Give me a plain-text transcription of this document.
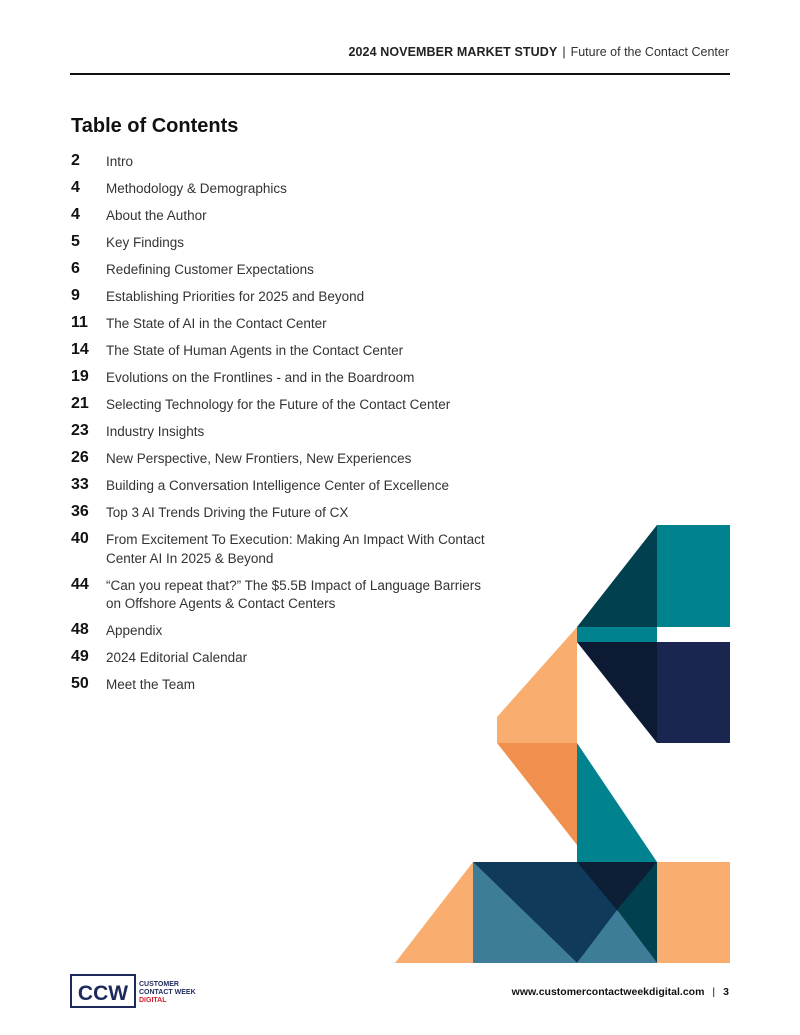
2024 NOVEMBER MARKET STUDY | Future of the Contact Center
Table of Contents
2	Intro
4	Methodology & Demographics
4	About the Author
5	Key Findings
6	Redefining Customer Expectations
9	Establishing Priorities for 2025 and Beyond
11	The State of AI in the Contact Center
14	The State of Human Agents in the Contact Center
19	Evolutions on the Frontlines - and in the Boardroom
21	Selecting Technology for the Future of the Contact Center
23	Industry Insights
26	New Perspective, New Frontiers, New Experiences
33	Building a Conversation Intelligence Center of Excellence
36	Top 3 AI Trends Driving the Future of CX
40	From Excitement To Execution: Making An Impact With Contact Center AI In 2025 & Beyond
44	“Can you repeat that?” The $5.5B Impact of Language Barriers on Offshore Agents & Contact Centers
48	Appendix
49	2024 Editorial Calendar
50	Meet the Team
CCW CUSTOMER
CONTACT WEEK
DIGITAL
www.customercontactweekdigital.com | 3
